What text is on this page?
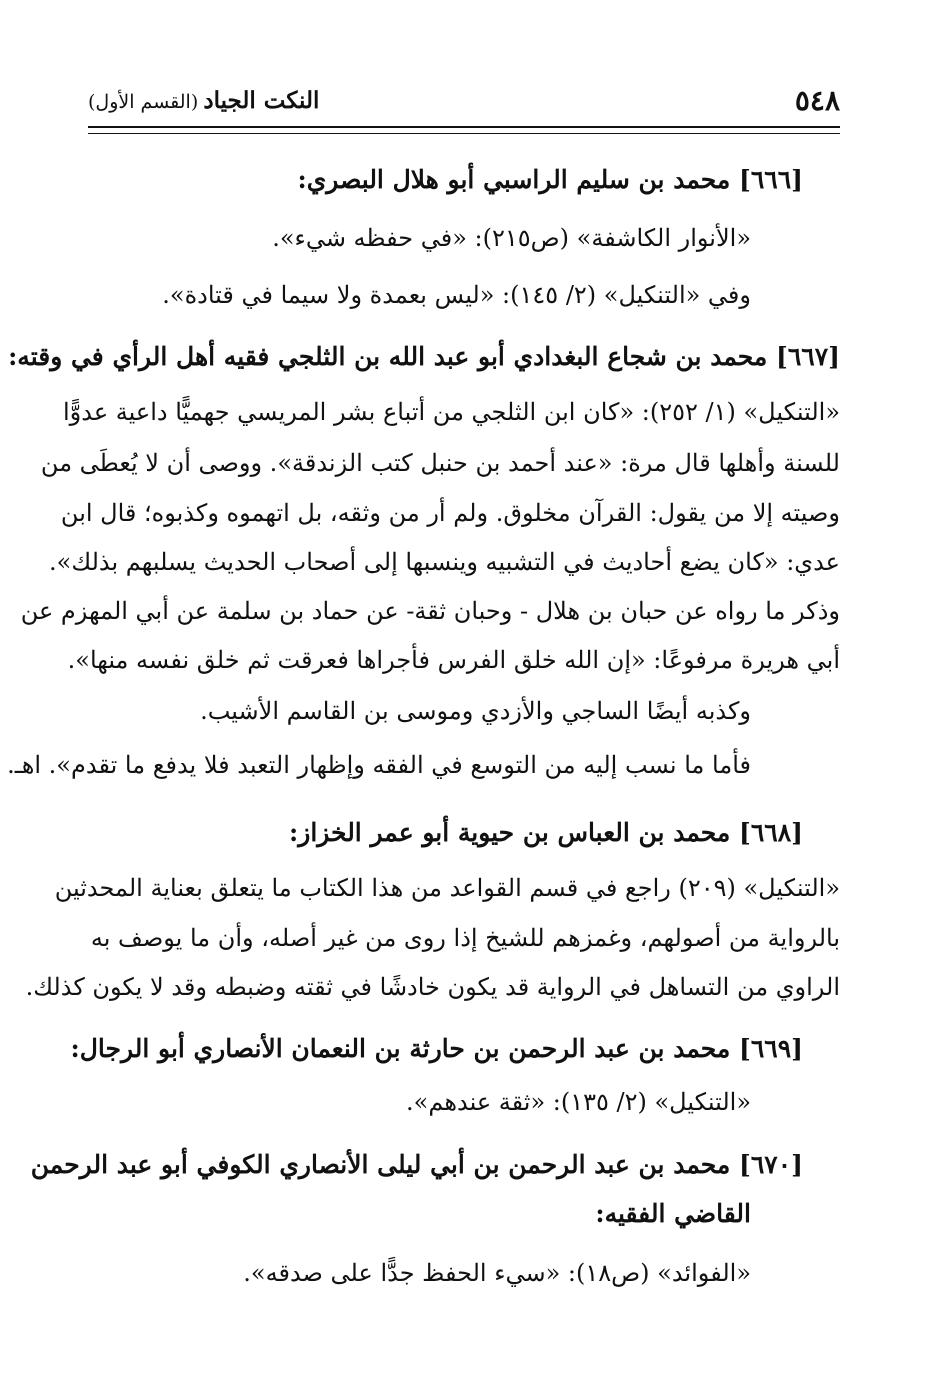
٥٤٨
النكت الجياد (القسم الأول)
[٦٦٦] محمد بن سليم الراسبي أبو هلال البصري:
«الأنوار الكاشفة» (ص٢١٥): «في حفظه شيء».
وفي «التنكيل» (٢/ ١٤٥): «ليس بعمدة ولا سيما في قتادة».
[٦٦٧] محمد بن شجاع البغدادي أبو عبد الله بن الثلجي فقيه أهل الرأي في وقته:
«التنكيل» (١/ ٢٥٢): «كان ابن الثلجي من أتباع بشر المريسي جهميًّا داعية عدوًّا
للسنة وأهلها قال مرة: «عند أحمد بن حنبل كتب الزندقة». ووصى أن لا يُعطَى من
وصيته إلا من يقول: القرآن مخلوق. ولم أر من وثقه، بل اتهموه وكذبوه؛ قال ابن
عدي: «كان يضع أحاديث في التشبيه وينسبها إلى أصحاب الحديث يسلبهم بذلك».
وذكر ما رواه عن حبان بن هلال - وحبان ثقة- عن حماد بن سلمة عن أبي المهزم عن
أبي هريرة مرفوعًا: «إن الله خلق الفرس فأجراها فعرقت ثم خلق نفسه منها».
وكذبه أيضًا الساجي والأزدي وموسى بن القاسم الأشيب.
فأما ما نسب إليه من التوسع في الفقه وإظهار التعبد فلا يدفع ما تقدم». اهـ.
[٦٦٨] محمد بن العباس بن حيوية أبو عمر الخزاز:
«التنكيل» (٢٠٩) راجع في قسم القواعد من هذا الكتاب ما يتعلق بعناية المحدثين
بالرواية من أصولهم، وغمزهم للشيخ إذا روى من غير أصله، وأن ما يوصف به
الراوي من التساهل في الرواية قد يكون خادشًا في ثقته وضبطه وقد لا يكون كذلك.
[٦٦٩] محمد بن عبد الرحمن بن حارثة بن النعمان الأنصاري أبو الرجال:
«التنكيل» (٢/ ١٣٥): «ثقة عندهم».
[٦٧٠] محمد بن عبد الرحمن بن أبي ليلى الأنصاري الكوفي أبو عبد الرحمن
القاضي الفقيه:
«الفوائد» (ص١٨): «سيء الحفظ جدًّا على صدقه».
